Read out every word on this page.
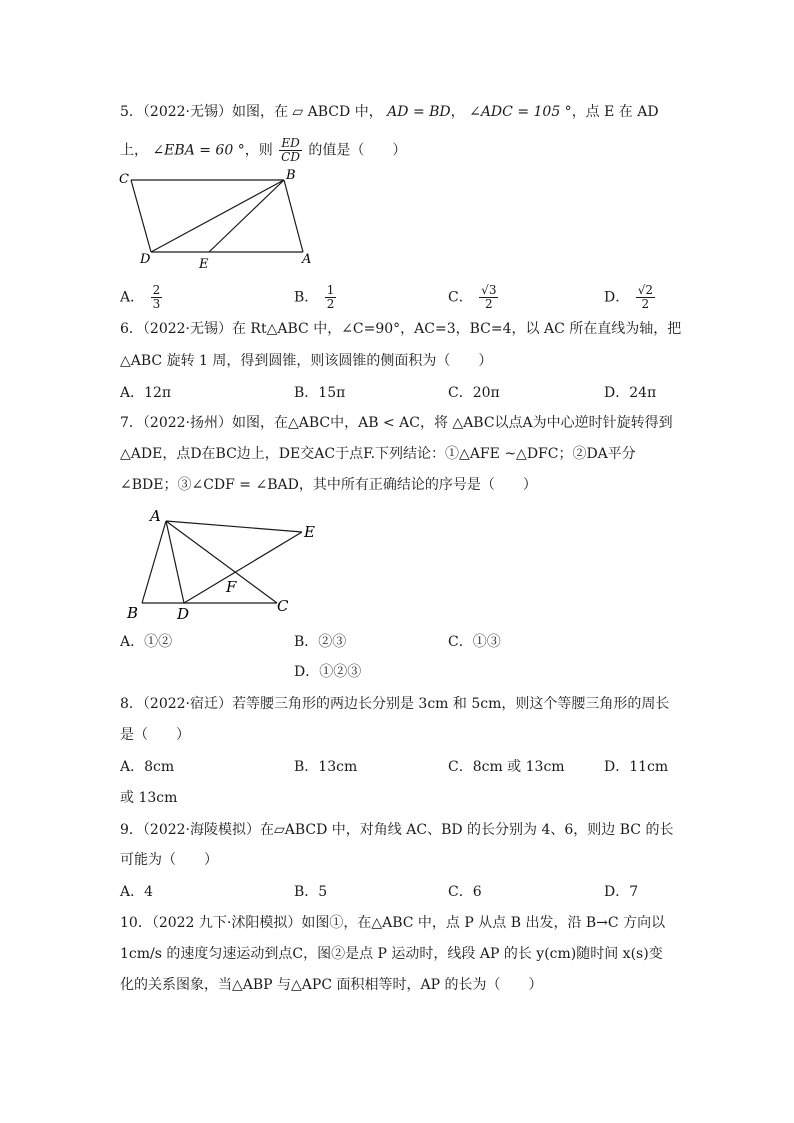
5．（2022·无锡）如图，在 ▱ ABCD 中， AD = BD， ∠ADC = 105 °，点 E 在 AD
上， ∠EBA = 60 °，则 $\frac{ED}{CD}$ 的值是（　　）
C	B
D	E	A
A． $\frac{2}{3}$	B． $\frac{1}{2}$	C． $\frac{√3}{2}$	D． $\frac{√2}{2}$
6．（2022·无锡）在 Rt△ABC 中，∠C=90°，AC=3，BC=4，以 AC 所在直线为轴，把
△ABC 旋转 1 周，得到圆锥，则该圆锥的侧面积为（　　）
A．12π	B．15π	C．20π	D．24π
7．（2022·扬州）如图，在△ABC中，AB < AC，将 △ABC以点A为中心逆时针旋转得到
△ADE，点D在BC边上，DE交AC于点F.下列结论：①△AFE ~△DFC；②DA平分
∠BDE；③∠CDF = ∠BAD，其中所有正确结论的序号是（　　）
A
E
F
B	D	C
A．①②	B．②③	C．①③
D．①②③
8．（2022·宿迁）若等腰三角形的两边长分别是 3cm 和 5cm，则这个等腰三角形的周长
是（　　）
A．8cm	B．13cm	C．8cm 或 13cm	D．11cm
或 13cm
9．（2022·海陵模拟）在▱ABCD 中，对角线 AC、BD 的长分别为 4、6，则边 BC 的长
可能为（　　）
A．4	B．5	C．6	D．7
10．（2022 九下·沭阳模拟）如图①，在△ABC 中，点 P 从点 B 出发，沿 B→C 方向以
1cm/s 的速度匀速运动到点C，图②是点 P 运动时，线段 AP 的长 y(cm)随时间 x(s)变
化的关系图象，当△ABP 与△APC 面积相等时，AP 的长为（　　）
